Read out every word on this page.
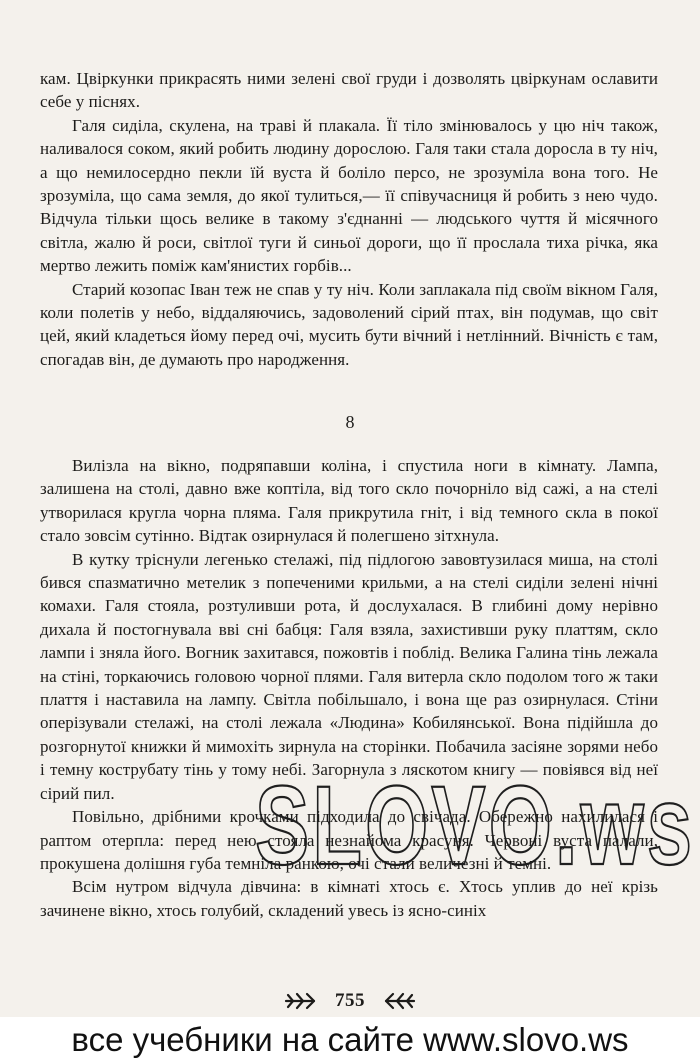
кам. Цвіркунки прикрасять ними зелені свої груди і дозволять цвіркунам ославити себе у піснях.

Галя сиділа, скулена, на траві й плакала. Її тіло змінювалось у цю ніч також, наливалося соком, який робить людину дорослою. Галя таки стала доросла в ту ніч, а що немилосердно пекли їй вуста й боліло персо, не зрозуміла вона того. Не зрозуміла, що сама земля, до якої тулиться,— її співучасниця й робить з нею чудо. Відчула тільки щось велике в такому з'єднанні — людського чуття й місячного світла, жалю й роси, світлої туги й синьої дороги, що її прослала тиха річка, яка мертво лежить поміж кам'янистих горбів...

Старий козопас Іван теж не спав у ту ніч. Коли заплакала під своїм вікном Галя, коли полетів у небо, віддаляючись, задоволений сірий птах, він подумав, що світ цей, який кладеться йому перед очі, мусить бути вічний і нетлінний. Вічність є там, спогадав він, де думають про народження.

8

Вилізла на вікно, подряпавши коліна, і спустила ноги в кімнату. Лампа, залишена на столі, давно вже коптіла, від того скло почорніло від сажі, а на стелі утворилася кругла чорна пляма. Галя прикрутила гніт, і від темного скла в покої стало зовсім сутінно. Відтак озирнулася й полегшено зітхнула.

В кутку тріснули легенько стелажі, під підлогою завовтузилася миша, на столі бився спазматично метелик з попеченими крильми, а на стелі сиділи зелені нічні комахи. Галя стояла, розтуливши рота, й дослухалася. В глибині дому нерівно дихала й постогнувала вві сні бабця: Галя взяла, захистивши руку платтям, скло лампи і зняла його. Вогник захитався, пожовтів і поблід. Велика Галина тінь лежала на стіні, торкаючись головою чорної плями. Галя витерла скло подолом того ж таки плаття і наставила на лампу. Світла побільшало, і вона ще раз озирнулася. Стіни оперізували стелажі, на столі лежала «Людина» Кобилянської. Вона підійшла до розгорнутої книжки й мимохіть зирнула на сторінки. Побачила засіяне зорями небо і темну кострубату тінь у тому небі. Загорнула з ляскотом книгу — повіявся від неї сірий пил.

Повільно, дрібними крочками підходила до свічада. Обережно нахилилася і раптом отерпла: перед нею стояла незнайома красуня. Червоні вуста палали, прокушена долішня губа темніла ранкою, очі стали величезні й темні.

Всім нутром відчула дівчина: в кімнаті хтось є. Хтось уплив до неї крізь зачинене вікно, хтось голубий, складений увесь із ясно-синіх

SLOVO.ws
755
все учебники на сайте www.slovo.ws
